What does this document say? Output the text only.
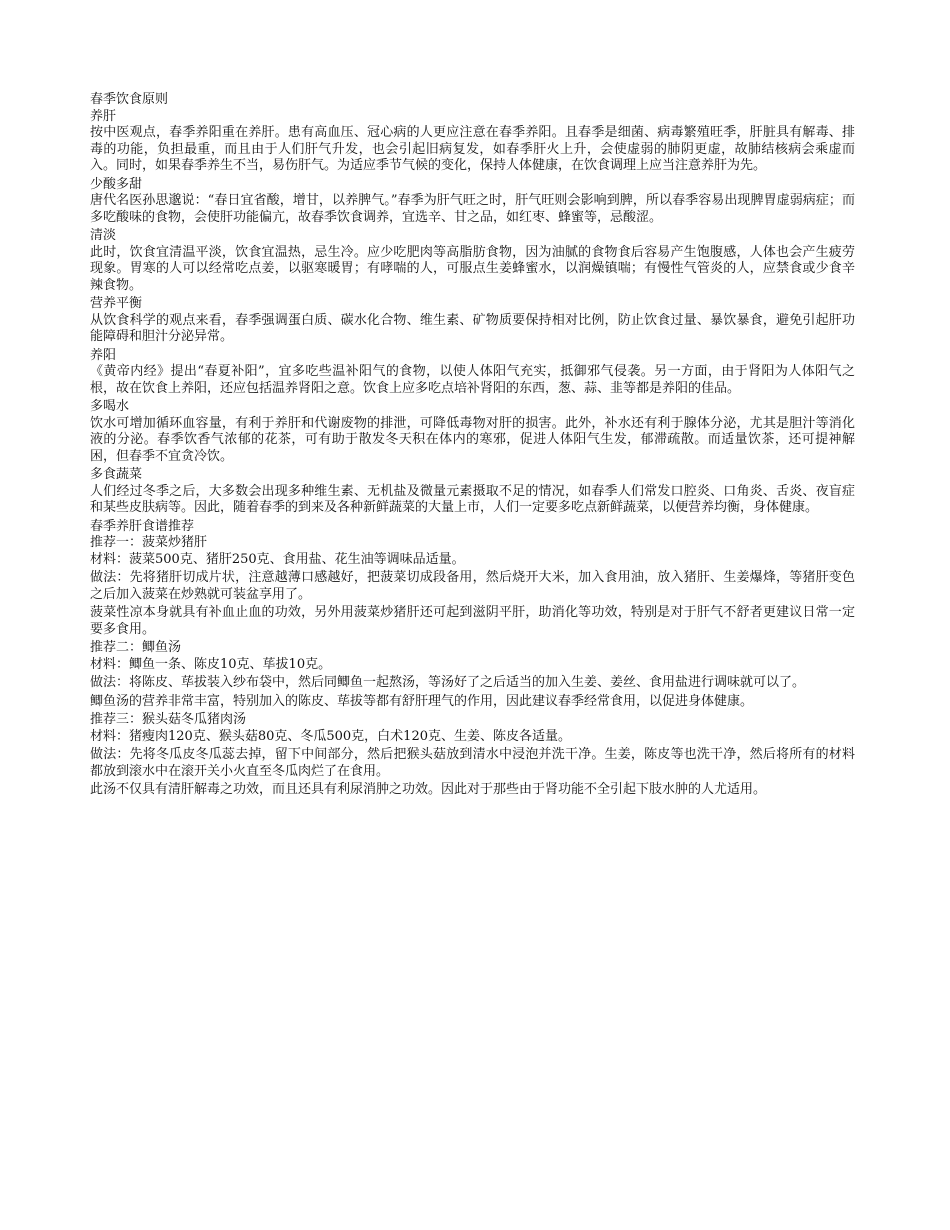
春季饮食原则
养肝
按中医观点，春季养阳重在养肝。患有高血压、冠心病的人更应注意在春季养阳。且春季是细菌、病毒繁殖旺季，肝脏具有解毒、排毒的功能，负担最重，而且由于人们肝气升发，也会引起旧病复发，如春季肝火上升，会使虚弱的肺阴更虚，故肺结核病会乘虚而入。同时，如果春季养生不当，易伤肝气。为适应季节气候的变化，保持人体健康，在饮食调理上应当注意养肝为先。
少酸多甜
唐代名医孙思邈说：“春日宜省酸，增甘，以养脾气。”春季为肝气旺之时，肝气旺则会影响到脾，所以春季容易出现脾胃虚弱病症；而多吃酸味的食物，会使肝功能偏亢，故春季饮食调养，宜选辛、甘之品，如红枣、蜂蜜等，忌酸涩。
清淡
此时，饮食宜清温平淡，饮食宜温热，忌生冷。应少吃肥肉等高脂肪食物，因为油腻的食物食后容易产生饱腹感，人体也会产生疲劳现象。胃寒的人可以经常吃点姜，以驱寒暖胃；有哮喘的人，可服点生姜蜂蜜水，以润燥镇喘；有慢性气管炎的人，应禁食或少食辛辣食物。
营养平衡
从饮食科学的观点来看，春季强调蛋白质、碳水化合物、维生素、矿物质要保持相对比例，防止饮食过量、暴饮暴食，避免引起肝功能障碍和胆汁分泌异常。
养阳
《黄帝内经》提出“春夏补阳”，宜多吃些温补阳气的食物，以使人体阳气充实，抵御邪气侵袭。另一方面，由于肾阳为人体阳气之根，故在饮食上养阳，还应包括温养肾阳之意。饮食上应多吃点培补肾阳的东西，葱、蒜、韭等都是养阳的佳品。
多喝水
饮水可增加循环血容量，有利于养肝和代谢废物的排泄，可降低毒物对肝的损害。此外，补水还有利于腺体分泌，尤其是胆汁等消化液的分泌。春季饮香气浓郁的花茶，可有助于散发冬天积在体内的寒邪，促进人体阳气生发，郁滞疏散。而适量饮茶，还可提神解困，但春季不宜贪冷饮。
多食蔬菜
人们经过冬季之后，大多数会出现多种维生素、无机盐及微量元素摄取不足的情况，如春季人们常发口腔炎、口角炎、舌炎、夜盲症和某些皮肤病等。因此，随着春季的到来及各种新鲜蔬菜的大量上市，人们一定要多吃点新鲜蔬菜，以便营养均衡，身体健康。
春季养肝食谱推荐
推荐一：菠菜炒猪肝
材料：菠菜500克、猪肝250克、食用盐、花生油等调味品适量。
做法：先将猪肝切成片状，注意越薄口感越好，把菠菜切成段备用，然后烧开大米，加入食用油，放入猪肝、生姜爆烽，等猪肝变色之后加入菠菜在炒熟就可装盆享用了。
菠菜性凉本身就具有补血止血的功效，另外用菠菜炒猪肝还可起到滋阴平肝，助消化等功效，特别是对于肝气不舒者更建议日常一定要多食用。
推荐二：鲫鱼汤
材料：鲫鱼一条、陈皮10克、荜拔10克。
做法：将陈皮、荜拔装入纱布袋中，然后同鲫鱼一起熬汤，等汤好了之后适当的加入生姜、姜丝、食用盐进行调味就可以了。
鲫鱼汤的营养非常丰富，特别加入的陈皮、荜拔等都有舒肝理气的作用，因此建议春季经常食用，以促进身体健康。
推荐三：猴头菇冬瓜猪肉汤
材料：猪瘦肉120克、猴头菇80克、冬瓜500克，白术120克、生姜、陈皮各适量。
做法：先将冬瓜皮冬瓜蕊去掉，留下中间部分，然后把猴头菇放到清水中浸泡并洗干净。生姜，陈皮等也洗干净，然后将所有的材料都放到滚水中在滚开关小火直至冬瓜肉烂了在食用。
此汤不仅具有清肝解毒之功效，而且还具有利尿消肿之功效。因此对于那些由于肾功能不全引起下肢水肿的人尤适用。
